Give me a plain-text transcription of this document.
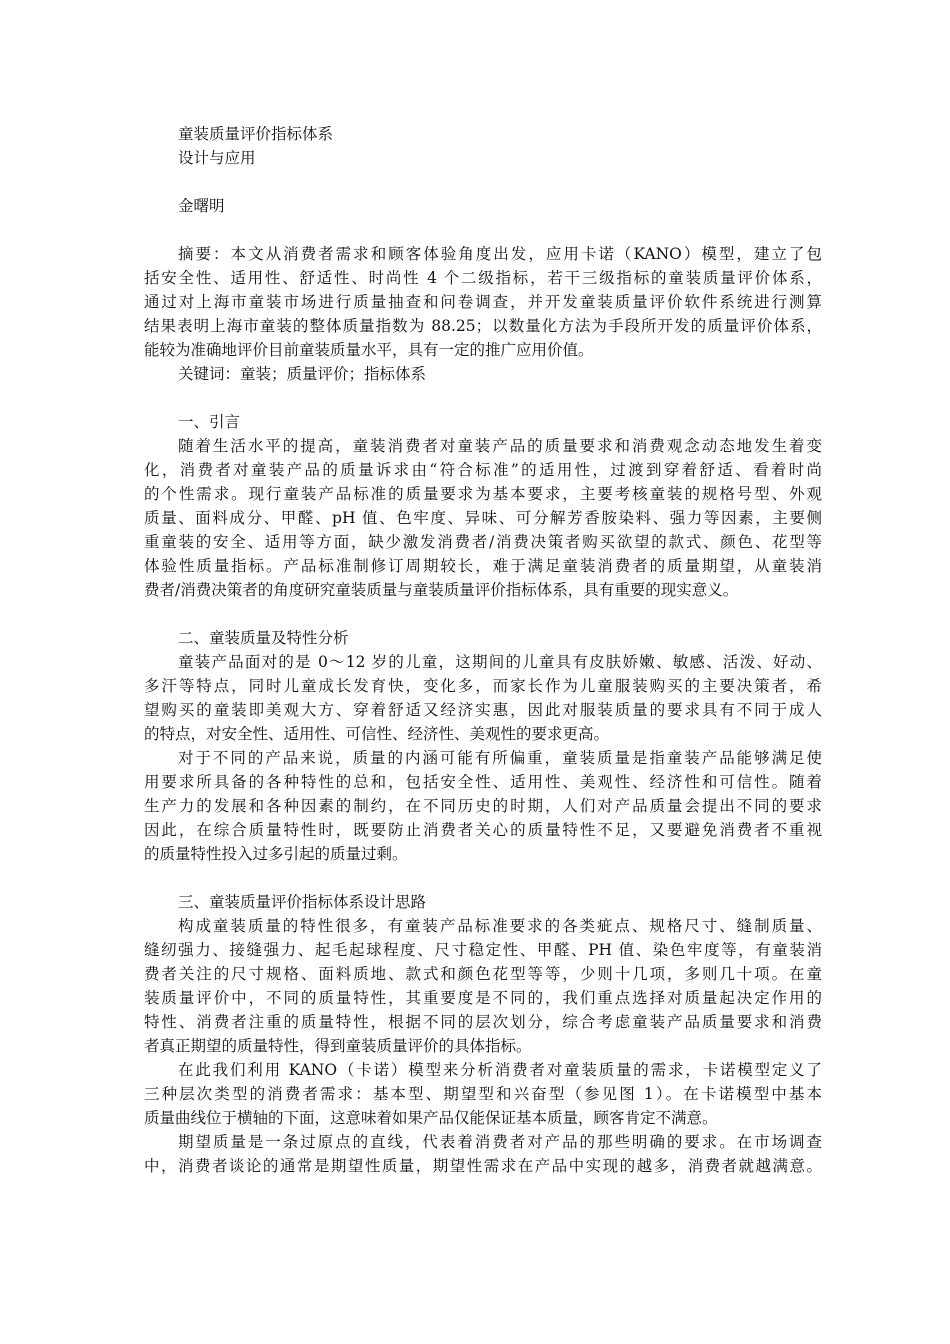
童装质量评价指标体系
设计与应用
金曙明
摘要：本文从消费者需求和顾客体验角度出发，应用卡诺（KANO）模型，建立了包
括安全性、适用性、舒适性、时尚性 4 个二级指标，若干三级指标的童装质量评价体系，
通过对上海市童装市场进行质量抽查和问卷调查，并开发童装质量评价软件系统进行测算
结果表明上海市童装的整体质量指数为 88.25；以数量化方法为手段所开发的质量评价体系，
能较为准确地评价目前童装质量水平，具有一定的推广应用价值。
关键词：童装；质量评价；指标体系
一、引言
随着生活水平的提高，童装消费者对童装产品的质量要求和消费观念动态地发生着变
化，消费者对童装产品的质量诉求由“符合标准”的适用性，过渡到穿着舒适、看着时尚
的个性需求。现行童装产品标准的质量要求为基本要求，主要考核童装的规格号型、外观
质量、面料成分、甲醛、pH 值、色牢度、异味、可分解芳香胺染料、强力等因素，主要侧
重童装的安全、适用等方面，缺少激发消费者/消费决策者购买欲望的款式、颜色、花型等
体验性质量指标。产品标准制修订周期较长，难于满足童装消费者的质量期望，从童装消
费者/消费决策者的角度研究童装质量与童装质量评价指标体系，具有重要的现实意义。
二、童装质量及特性分析
童装产品面对的是 0～12 岁的儿童，这期间的儿童具有皮肤娇嫩、敏感、活泼、好动、
多汗等特点，同时儿童成长发育快，变化多，而家长作为儿童服装购买的主要决策者，希
望购买的童装即美观大方、穿着舒适又经济实惠，因此对服装质量的要求具有不同于成人
的特点，对安全性、适用性、可信性、经济性、美观性的要求更高。
对于不同的产品来说，质量的内涵可能有所偏重，童装质量是指童装产品能够满足使
用要求所具备的各种特性的总和，包括安全性、适用性、美观性、经济性和可信性。随着
生产力的发展和各种因素的制约，在不同历史的时期，人们对产品质量会提出不同的要求
因此，在综合质量特性时，既要防止消费者关心的质量特性不足，又要避免消费者不重视
的质量特性投入过多引起的质量过剩。
三、童装质量评价指标体系设计思路
构成童装质量的特性很多，有童装产品标准要求的各类疵点、规格尺寸、缝制质量、
缝纫强力、接缝强力、起毛起球程度、尺寸稳定性、甲醛、PH 值、染色牢度等，有童装消
费者关注的尺寸规格、面料质地、款式和颜色花型等等，少则十几项，多则几十项。在童
装质量评价中，不同的质量特性，其重要度是不同的，我们重点选择对质量起决定作用的
特性、消费者注重的质量特性，根据不同的层次划分，综合考虑童装产品质量要求和消费
者真正期望的质量特性，得到童装质量评价的具体指标。
在此我们利用 KANO（卡诺）模型来分析消费者对童装质量的需求，卡诺模型定义了
三种层次类型的消费者需求：基本型、期望型和兴奋型（参见图 1）。在卡诺模型中基本
质量曲线位于横轴的下面，这意味着如果产品仅能保证基本质量，顾客肯定不满意。
期望质量是一条过原点的直线，代表着消费者对产品的那些明确的要求。在市场调查
中，消费者谈论的通常是期望性质量，期望性需求在产品中实现的越多，消费者就越满意。
